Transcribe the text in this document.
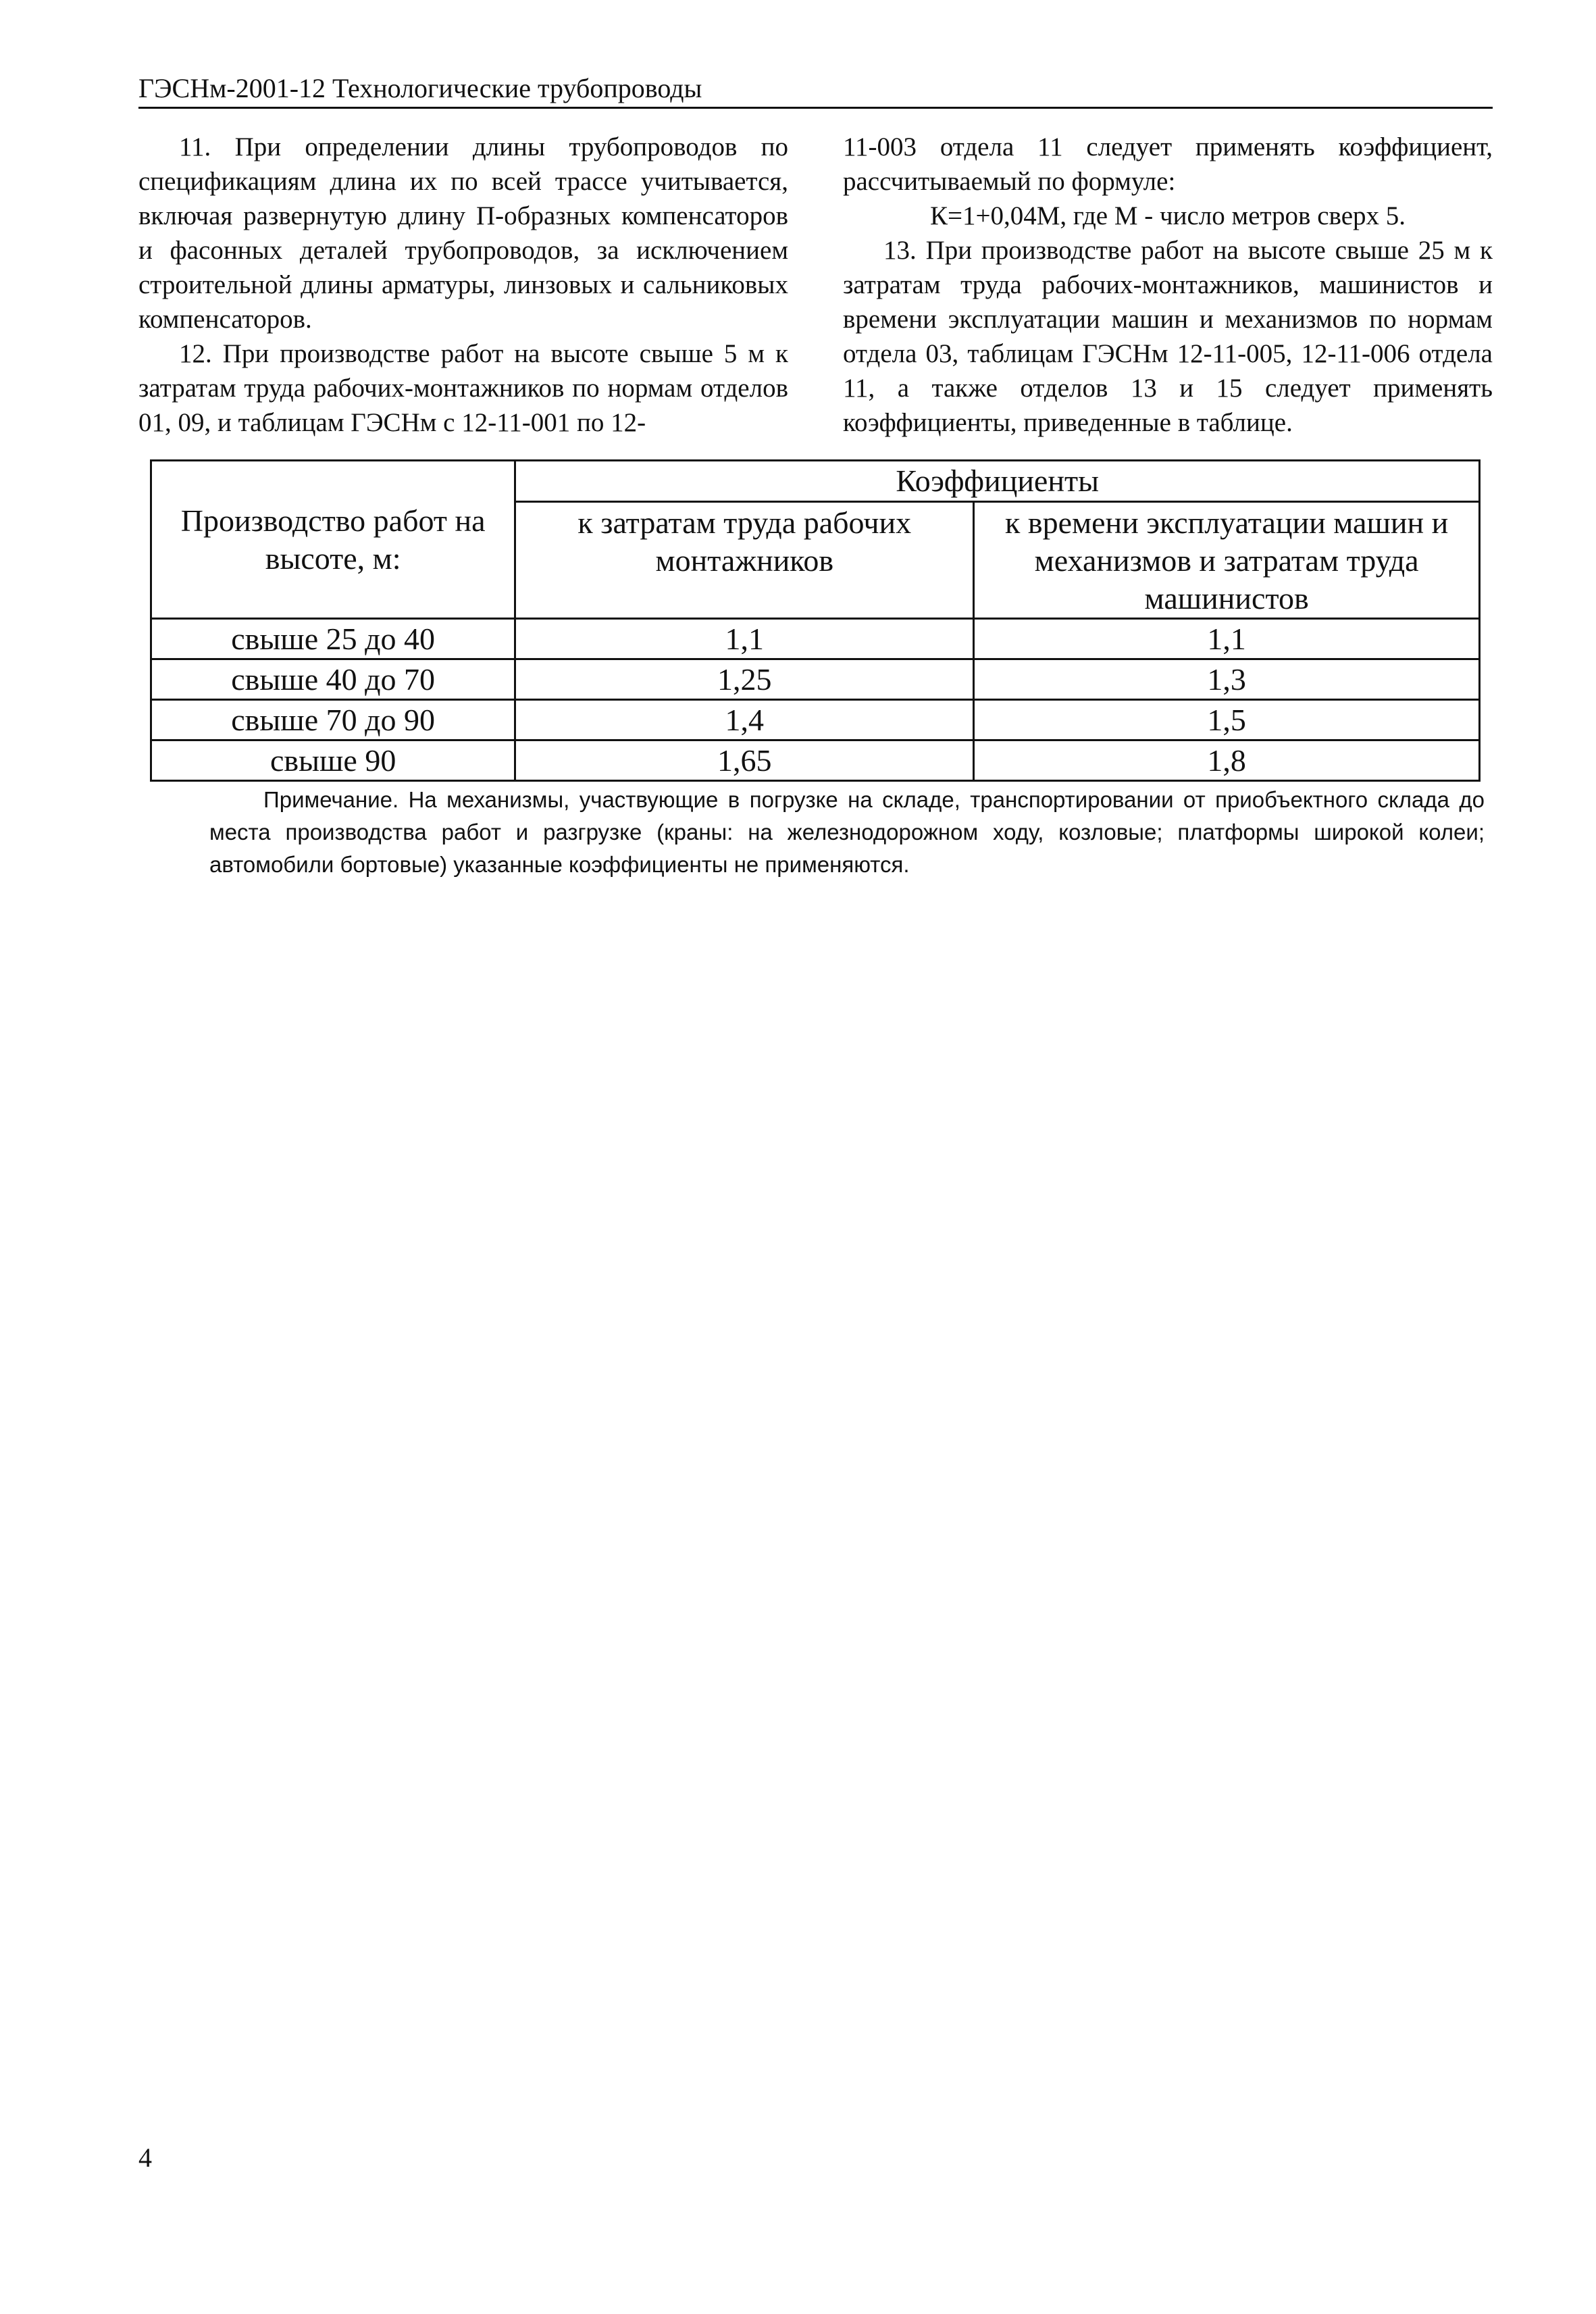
ГЭСНм-2001-12 Технологические трубопроводы

11. При определении длины трубопроводов по спецификациям длина их по всей трассе учитывается, включая развернутую длину П-образных компенсаторов и фасонных деталей трубопроводов, за исключением строительной длины арматуры, линзовых и сальниковых компенсаторов.

12. При производстве работ на высоте свыше 5 м к затратам труда рабочих-монтажников по нормам отделов 01, 09, и таблицам ГЭСНм с 12-11-001 по 12-

11-003 отдела 11 следует применять коэффициент, рассчитываемый по формуле:

К=1+0,04М, где М - число метров сверх 5.

13. При производстве работ на высоте свыше 25 м к затратам труда рабочих-монтажников, машинистов и времени эксплуатации машин и механизмов по нормам отдела 03, таблицам ГЭСНм 12-11-005, 12-11-006 отдела 11, а также отделов 13 и 15 следует применять коэффициенты, приведенные в таблице.

Производство работ на высоте, м:	Коэффициенты	
	к затратам труда рабочих монтажников	к времени эксплуатации машин и механизмов и затратам труда машинистов
свыше 25 до 40	1,1	1,1
свыше 40 до 70	1,25	1,3
свыше 70 до 90	1,4	1,5
свыше 90	1,65	1,8
Примечание. На механизмы, участвующие в погрузке на складе, транспортировании от приобъектного склада до места производства работ и разгрузке (краны: на железнодорожном ходу, козловые; платформы широкой колеи; автомобили бортовые) указанные коэффициенты не применяются.
4
